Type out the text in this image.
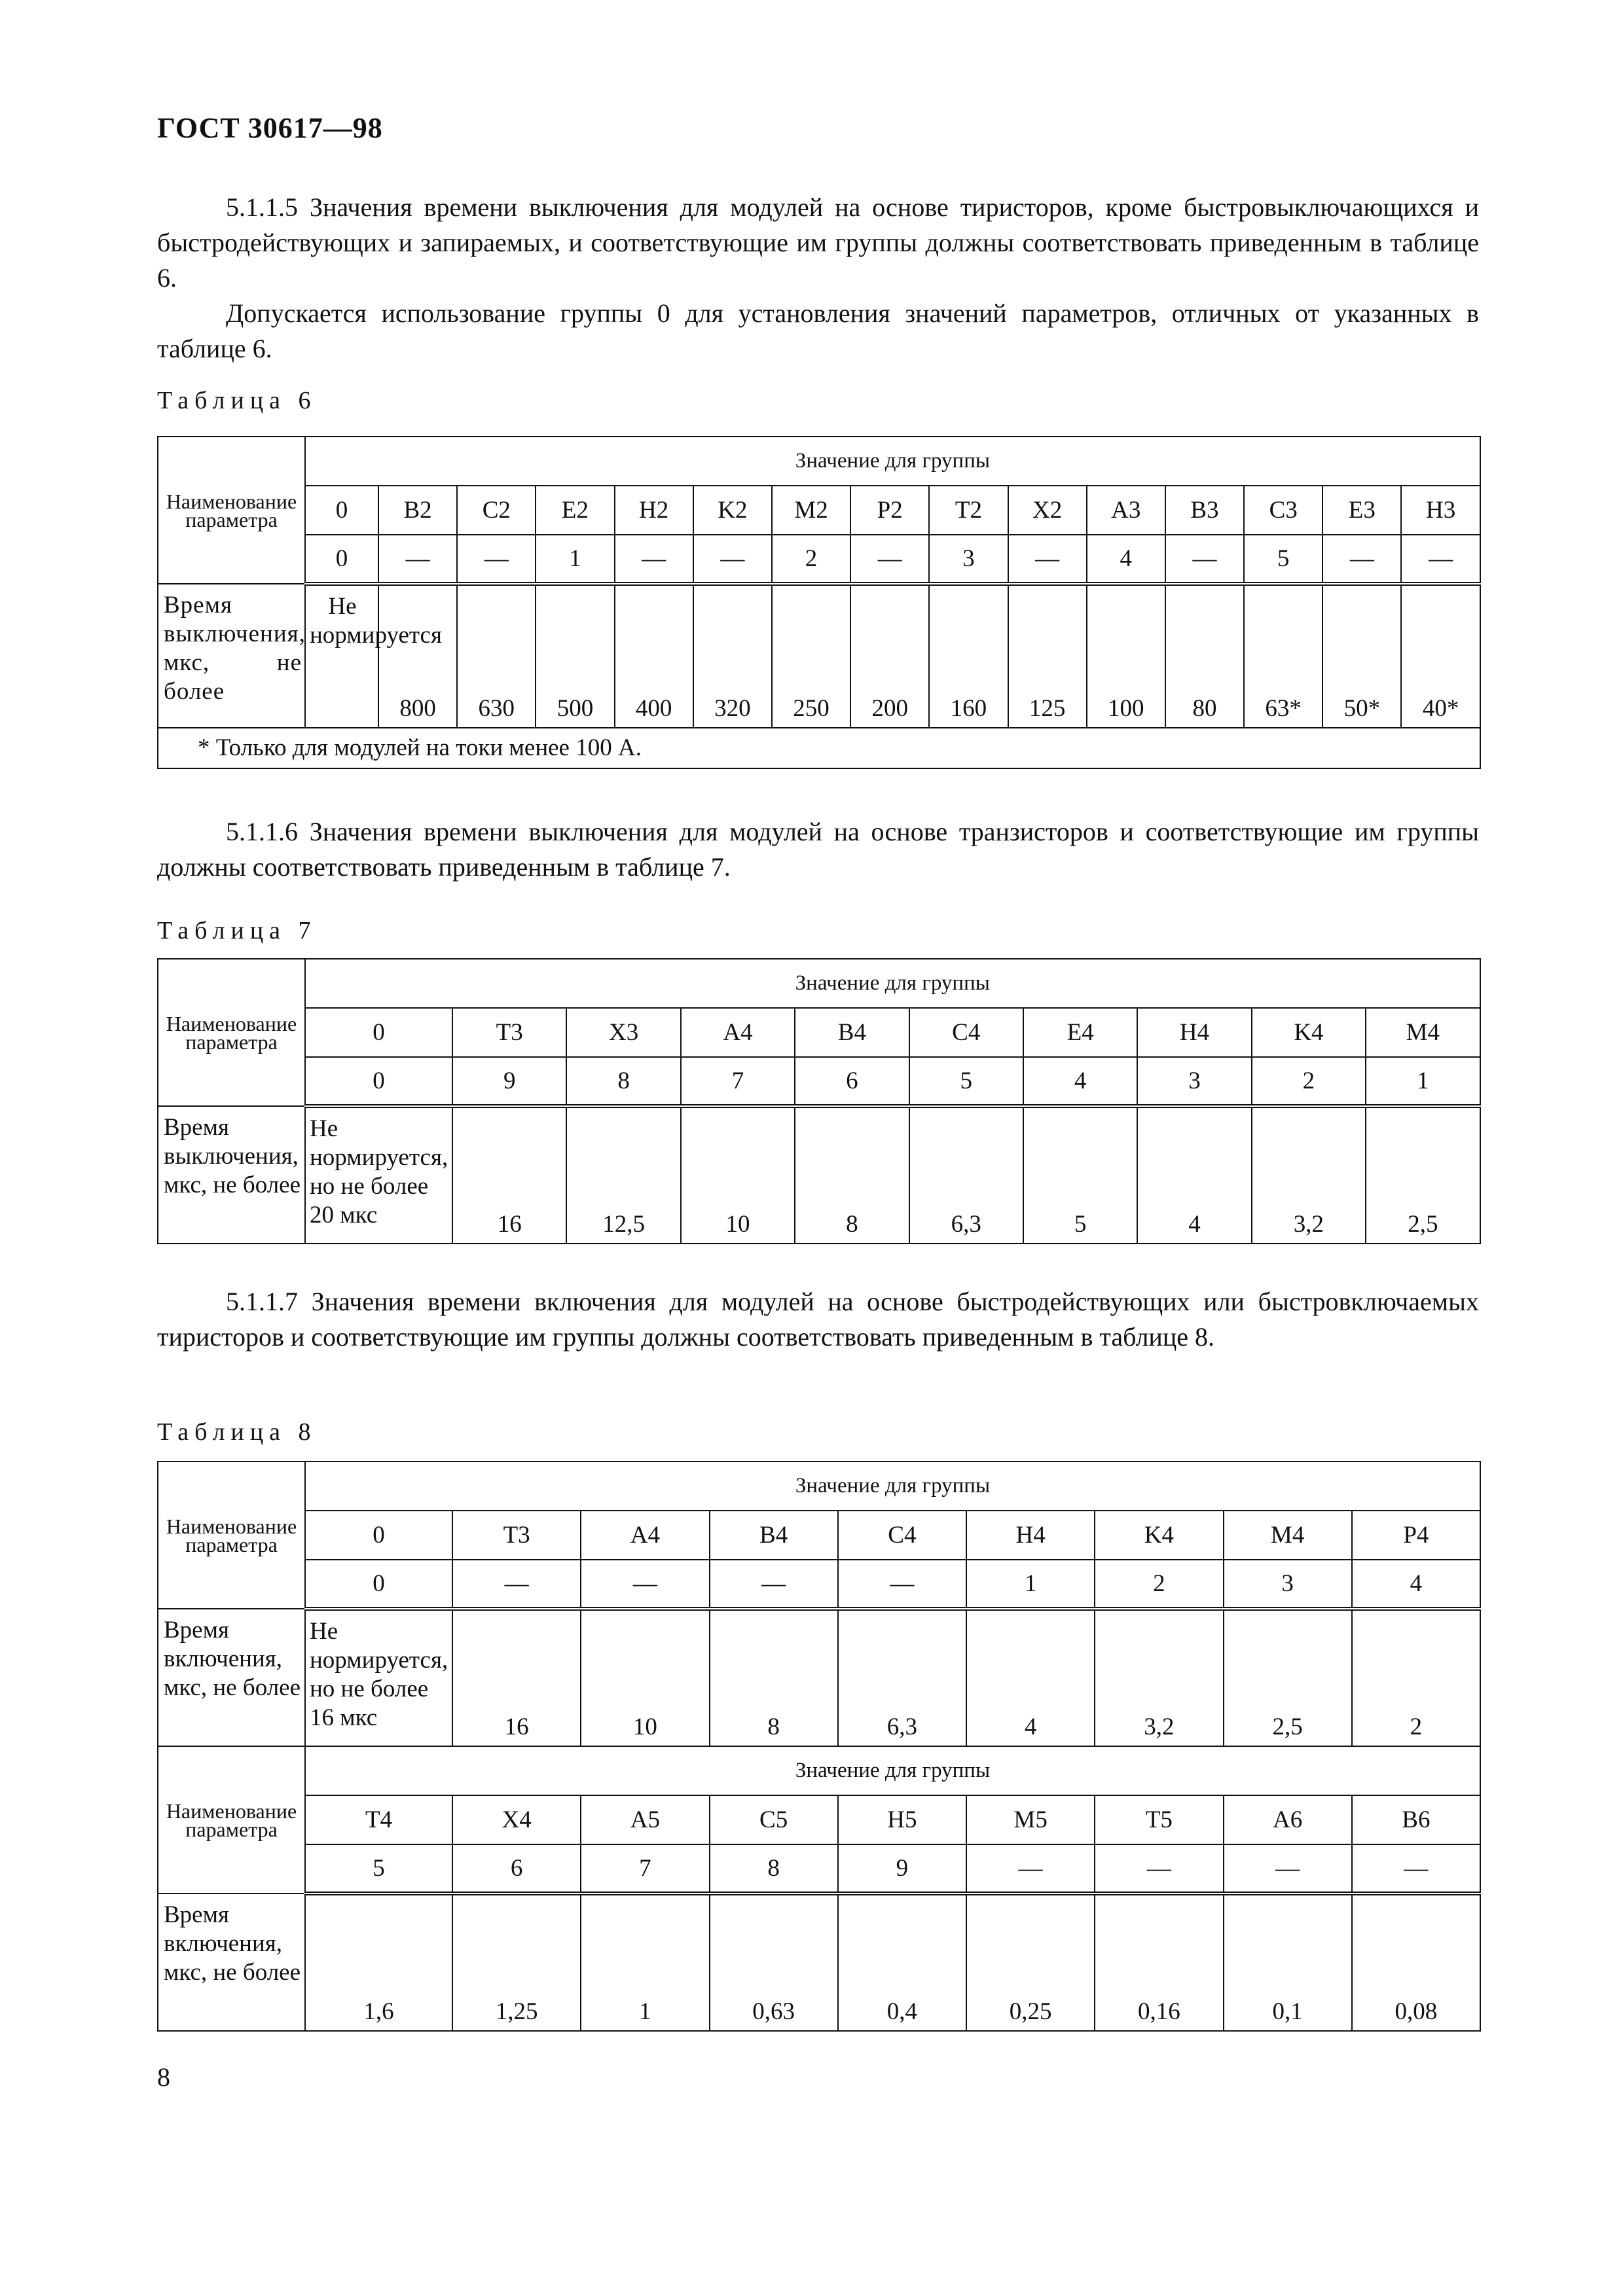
ГОСТ 30617—98

5.1.1.5 Значения времени выключения для модулей на основе тиристоров, кроме быстровыключающихся и быстродействующих и запираемых, и соответствующие им группы должны соответствовать приведенным в таблице 6.

Допускается использование группы 0 для установления значений параметров, отличных от указанных в таблице 6.

Таблица 6
Наименование параметра	Значение для группы														
	0	B2	C2	E2	H2	K2	M2	P2	T2	X2	A3	B3	C3	E3	H3
	0	—	—	1	—	—	2	—	3	—	4	—	5	—	—
Время выключения, мкс, не более	Не нормируется	800	630	500	400	320	250	200	160	125	100	80	63*	50*	40*
* Только для модулей на токи менее 100 А.															

5.1.1.6 Значения времени выключения для модулей на основе транзисторов и соответствующие им группы должны соответствовать приведенным в таблице 7.

Таблица 7
Наименование параметра	Значение для группы									
	0	T3	X3	A4	B4	C4	E4	H4	K4	M4
	0	9	8	7	6	5	4	3	2	1
Время выключения, мкс, не более	Не нормируется, но не более 20 мкс	16	12,5	10	8	6,3	5	4	3,2	2,5

5.1.1.7 Значения времени включения для модулей на основе быстродействующих или быстровключаемых тиристоров и соответствующие им группы должны соответствовать приведенным в таблице 8.

Таблица 8
Наименование параметра	Значение для группы								
	0	T3	A4	B4	C4	H4	K4	M4	P4
	0	—	—	—	—	1	2	3	4
Время включения, мкс, не более	Не нормируется, но не более 16 мкс	16	10	8	6,3	4	3,2	2,5	2
Наименование параметра	Значение для группы								
	T4	X4	A5	C5	H5	M5	T5	A6	B6
	5	6	7	8	9	—	—	—	—
Время включения, мкс, не более	1,6	1,25	1	0,63	0,4	0,25	0,16	0,1	0,08
8
